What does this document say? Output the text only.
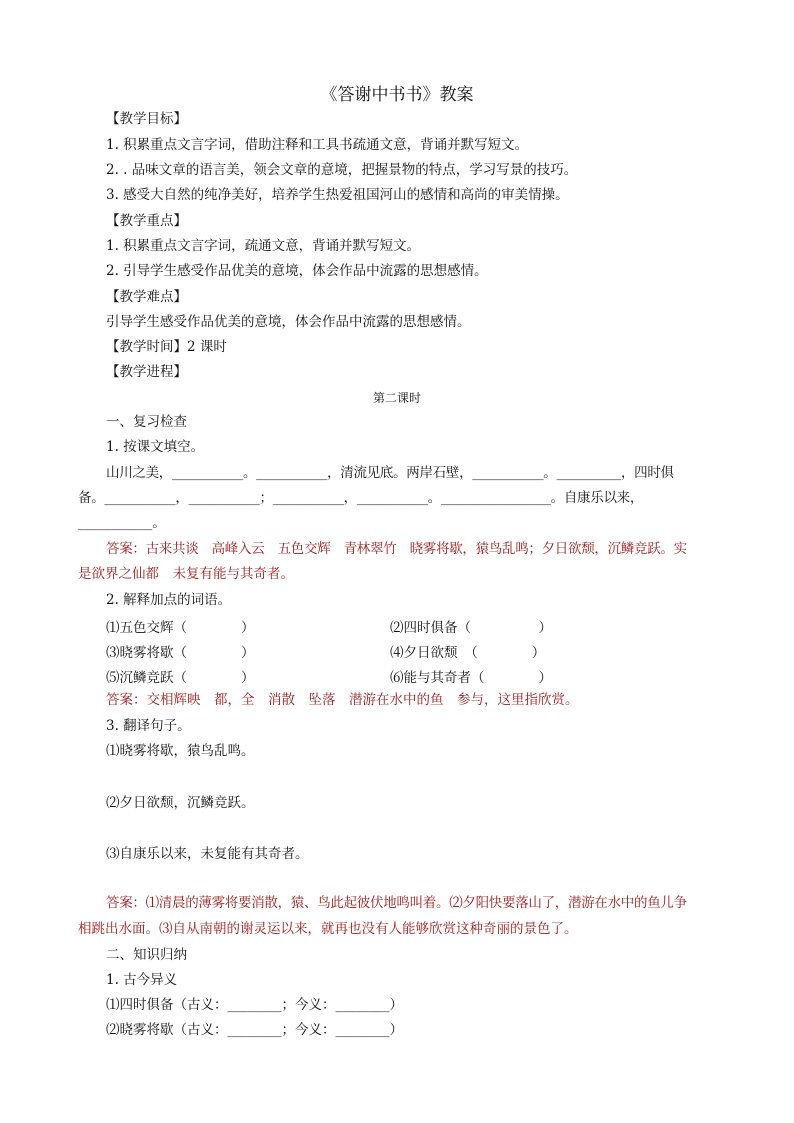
《答谢中书书》教案
【教学目标】
1. 积累重点文言字词，借助注释和工具书疏通文意，背诵并默写短文。
2. . 品味文章的语言美，领会文章的意境，把握景物的特点，学习写景的技巧。
3. 感受大自然的纯净美好，培养学生热爱祖国河山的感情和高尚的审美情操。
【教学重点】
1. 积累重点文言字词，疏通文意，背诵并默写短文。
2. 引导学生感受作品优美的意境，体会作品中流露的思想感情。
【教学难点】
引导学生感受作品优美的意境，体会作品中流露的思想感情。
【教学时间】2 课时
【教学进程】
第二课时
一、复习检查
1. 按课文填空。
山川之美，___________。___________，清流见底。两岸石壁，___________。__________，四时俱
备。___________，___________；___________，___________。_________________。自康乐以来，
___________。
答案：古来共谈　高峰入云　五色交辉　青林翠竹　晓雾将歇，猿鸟乱鸣；夕日欲颓，沉鳞竞跃。实
是欲界之仙都　未复有能与其奇者。
2. 解释加点的词语。
⑴五色交辉（　　　　）	⑵四时俱备（　　　　　）
⑶晓雾将歇（　　　　）	⑷夕日欲颓　（　　　　）
⑸沉鳞竞跃（　　　　）	⑹能与其奇者（　　　　）
答案：交相辉映　都，全　消散　坠落　潜游在水中的鱼　参与，这里指欣赏。
3. 翻译句子。
⑴晓雾将歇，猿鸟乱鸣。
⑵夕日欲颓，沉鳞竞跃。
⑶自康乐以来，未复能有其奇者。
答案：⑴清晨的薄雾将要消散，猿、鸟此起彼伏地鸣叫着。⑵夕阳快要落山了，潜游在水中的鱼儿争
相跳出水面。⑶自从南朝的谢灵运以来，就再也没有人能够欣赏这种奇丽的景色了。
二、知识归纳
1. 古今异义
⑴四时俱备（古义：________；今义：________）
⑵晓雾将歇（古义：________；今义：________）
